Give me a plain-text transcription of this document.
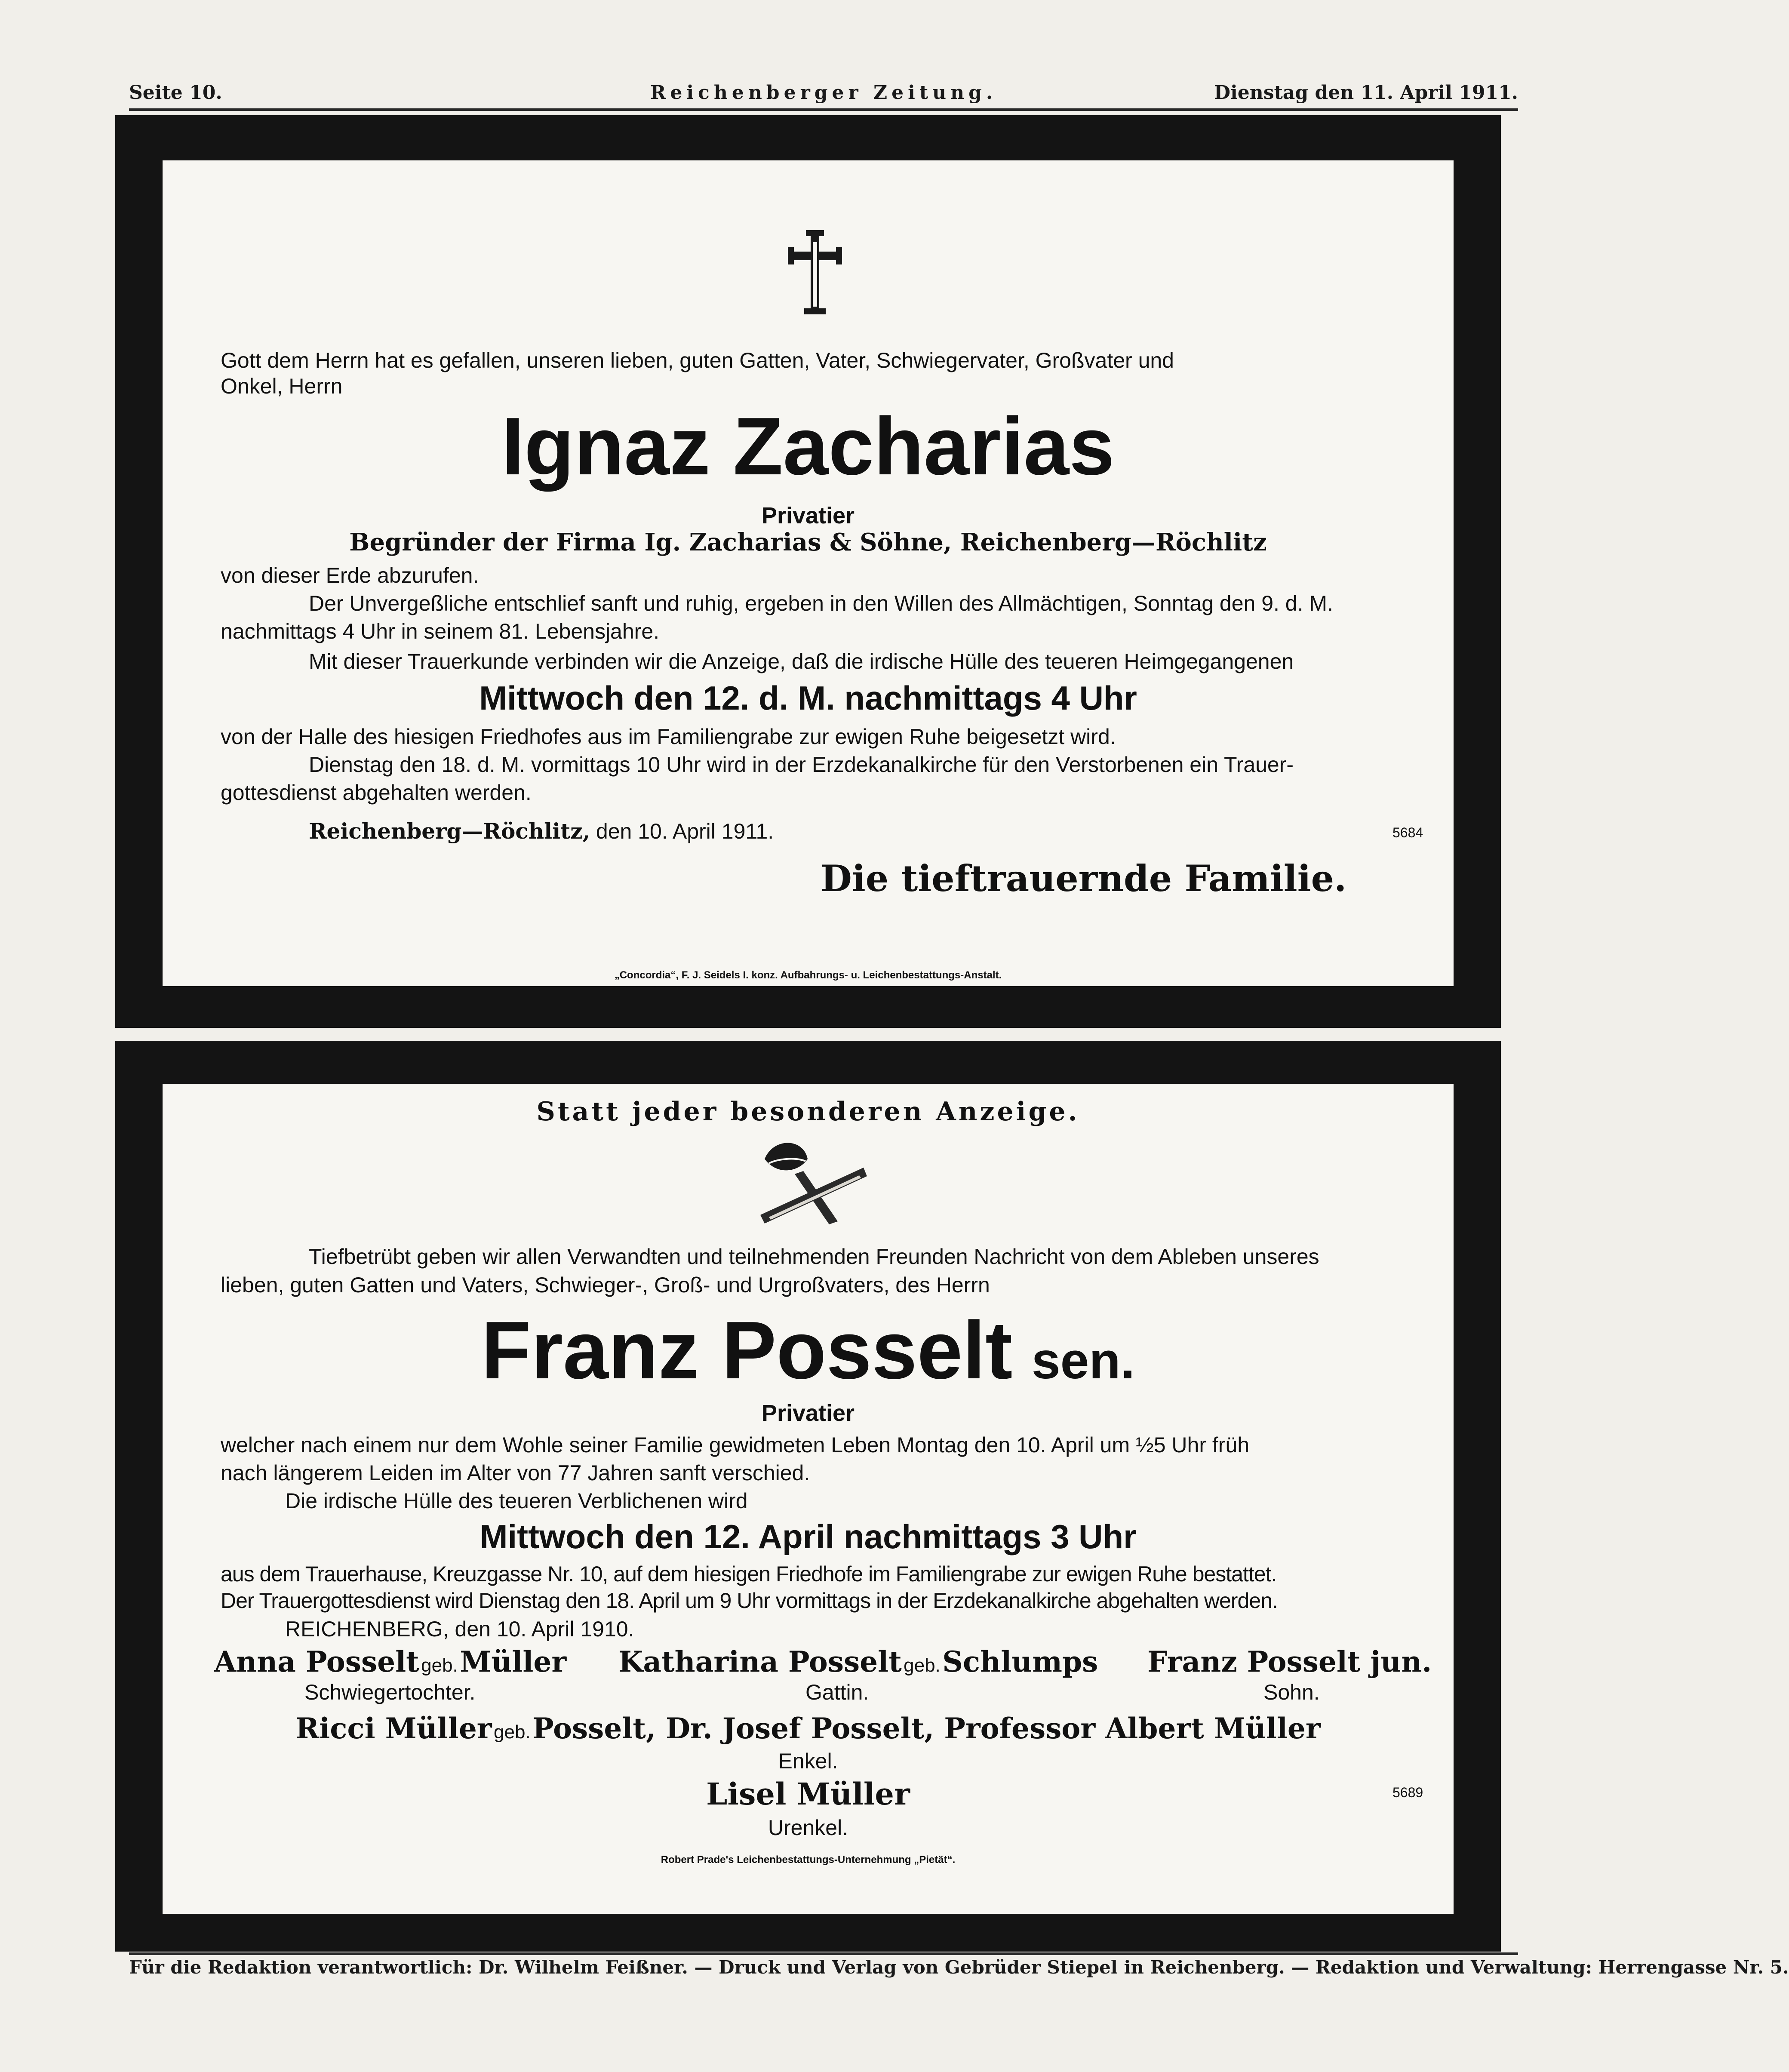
Seite 10.	Reichenberger Zeitung.	Dienstag den 11. April 1911.
Gott dem Herrn hat es gefallen, unseren lieben, guten Gatten, Vater, Schwiegervater, Großvater und
Onkel, Herrn
Ignaz Zacharias
Privatier
Begründer der Firma Ig. Zacharias & Söhne, Reichenberg—Röchlitz
von dieser Erde abzurufen.
Der Unvergeßliche entschlief sanft und ruhig, ergeben in den Willen des Allmächtigen, Sonntag den 9. d. M.
nachmittags 4 Uhr in seinem 81. Lebensjahre.
Mit dieser Trauerkunde verbinden wir die Anzeige, daß die irdische Hülle des teueren Heimgegangenen
Mittwoch den 12. d. M. nachmittags 4 Uhr
von der Halle des hiesigen Friedhofes aus im Familiengrabe zur ewigen Ruhe beigesetzt wird.
Dienstag den 18. d. M. vormittags 10 Uhr wird in der Erzdekanalkirche für den Verstorbenen ein Trauer-
gottesdienst abgehalten werden.
Reichenberg—Röchlitz, den 10. April 1911.	5684
Die tieftrauernde Familie.
„Concordia“, F. J. Seidels I. konz. Aufbahrungs- u. Leichenbestattungs-Anstalt.
Statt jeder besonderen Anzeige.
Tiefbetrübt geben wir allen Verwandten und teilnehmenden Freunden Nachricht von dem Ableben unseres
lieben, guten Gatten und Vaters, Schwieger-, Groß- und Urgroßvaters, des Herrn
Franz Posselt sen.
Privatier
welcher nach einem nur dem Wohle seiner Familie gewidmeten Leben Montag den 10. April um ½5 Uhr früh
nach längerem Leiden im Alter von 77 Jahren sanft verschied.
Die irdische Hülle des teueren Verblichenen wird
Mittwoch den 12. April nachmittags 3 Uhr
aus dem Trauerhause, Kreuzgasse Nr. 10, auf dem hiesigen Friedhofe im Familiengrabe zur ewigen Ruhe bestattet.
Der Trauergottesdienst wird Dienstag den 18. April um 9 Uhr vormittags in der Erzdekanalkirche abgehalten werden.
REICHENBERG, den 10. April 1910.
Anna Posselt geb. Müller
Schwiegertochter.
Katharina Posselt geb. Schlumps
Gattin.
Franz Posselt jun.
Sohn.
Ricci Müller geb. Posselt, Dr. Josef Posselt, Professor Albert Müller
Enkel.
Lisel Müller
Urenkel.
5689
Robert Prade's Leichenbestattungs-Unternehmung „Pietät“.
Für die Redaktion verantwortlich: Dr. Wilhelm Feißner. — Druck und Verlag von Gebrüder Stiepel in Reichenberg. — Redaktion und Verwaltung: Herrengasse Nr. 5.
